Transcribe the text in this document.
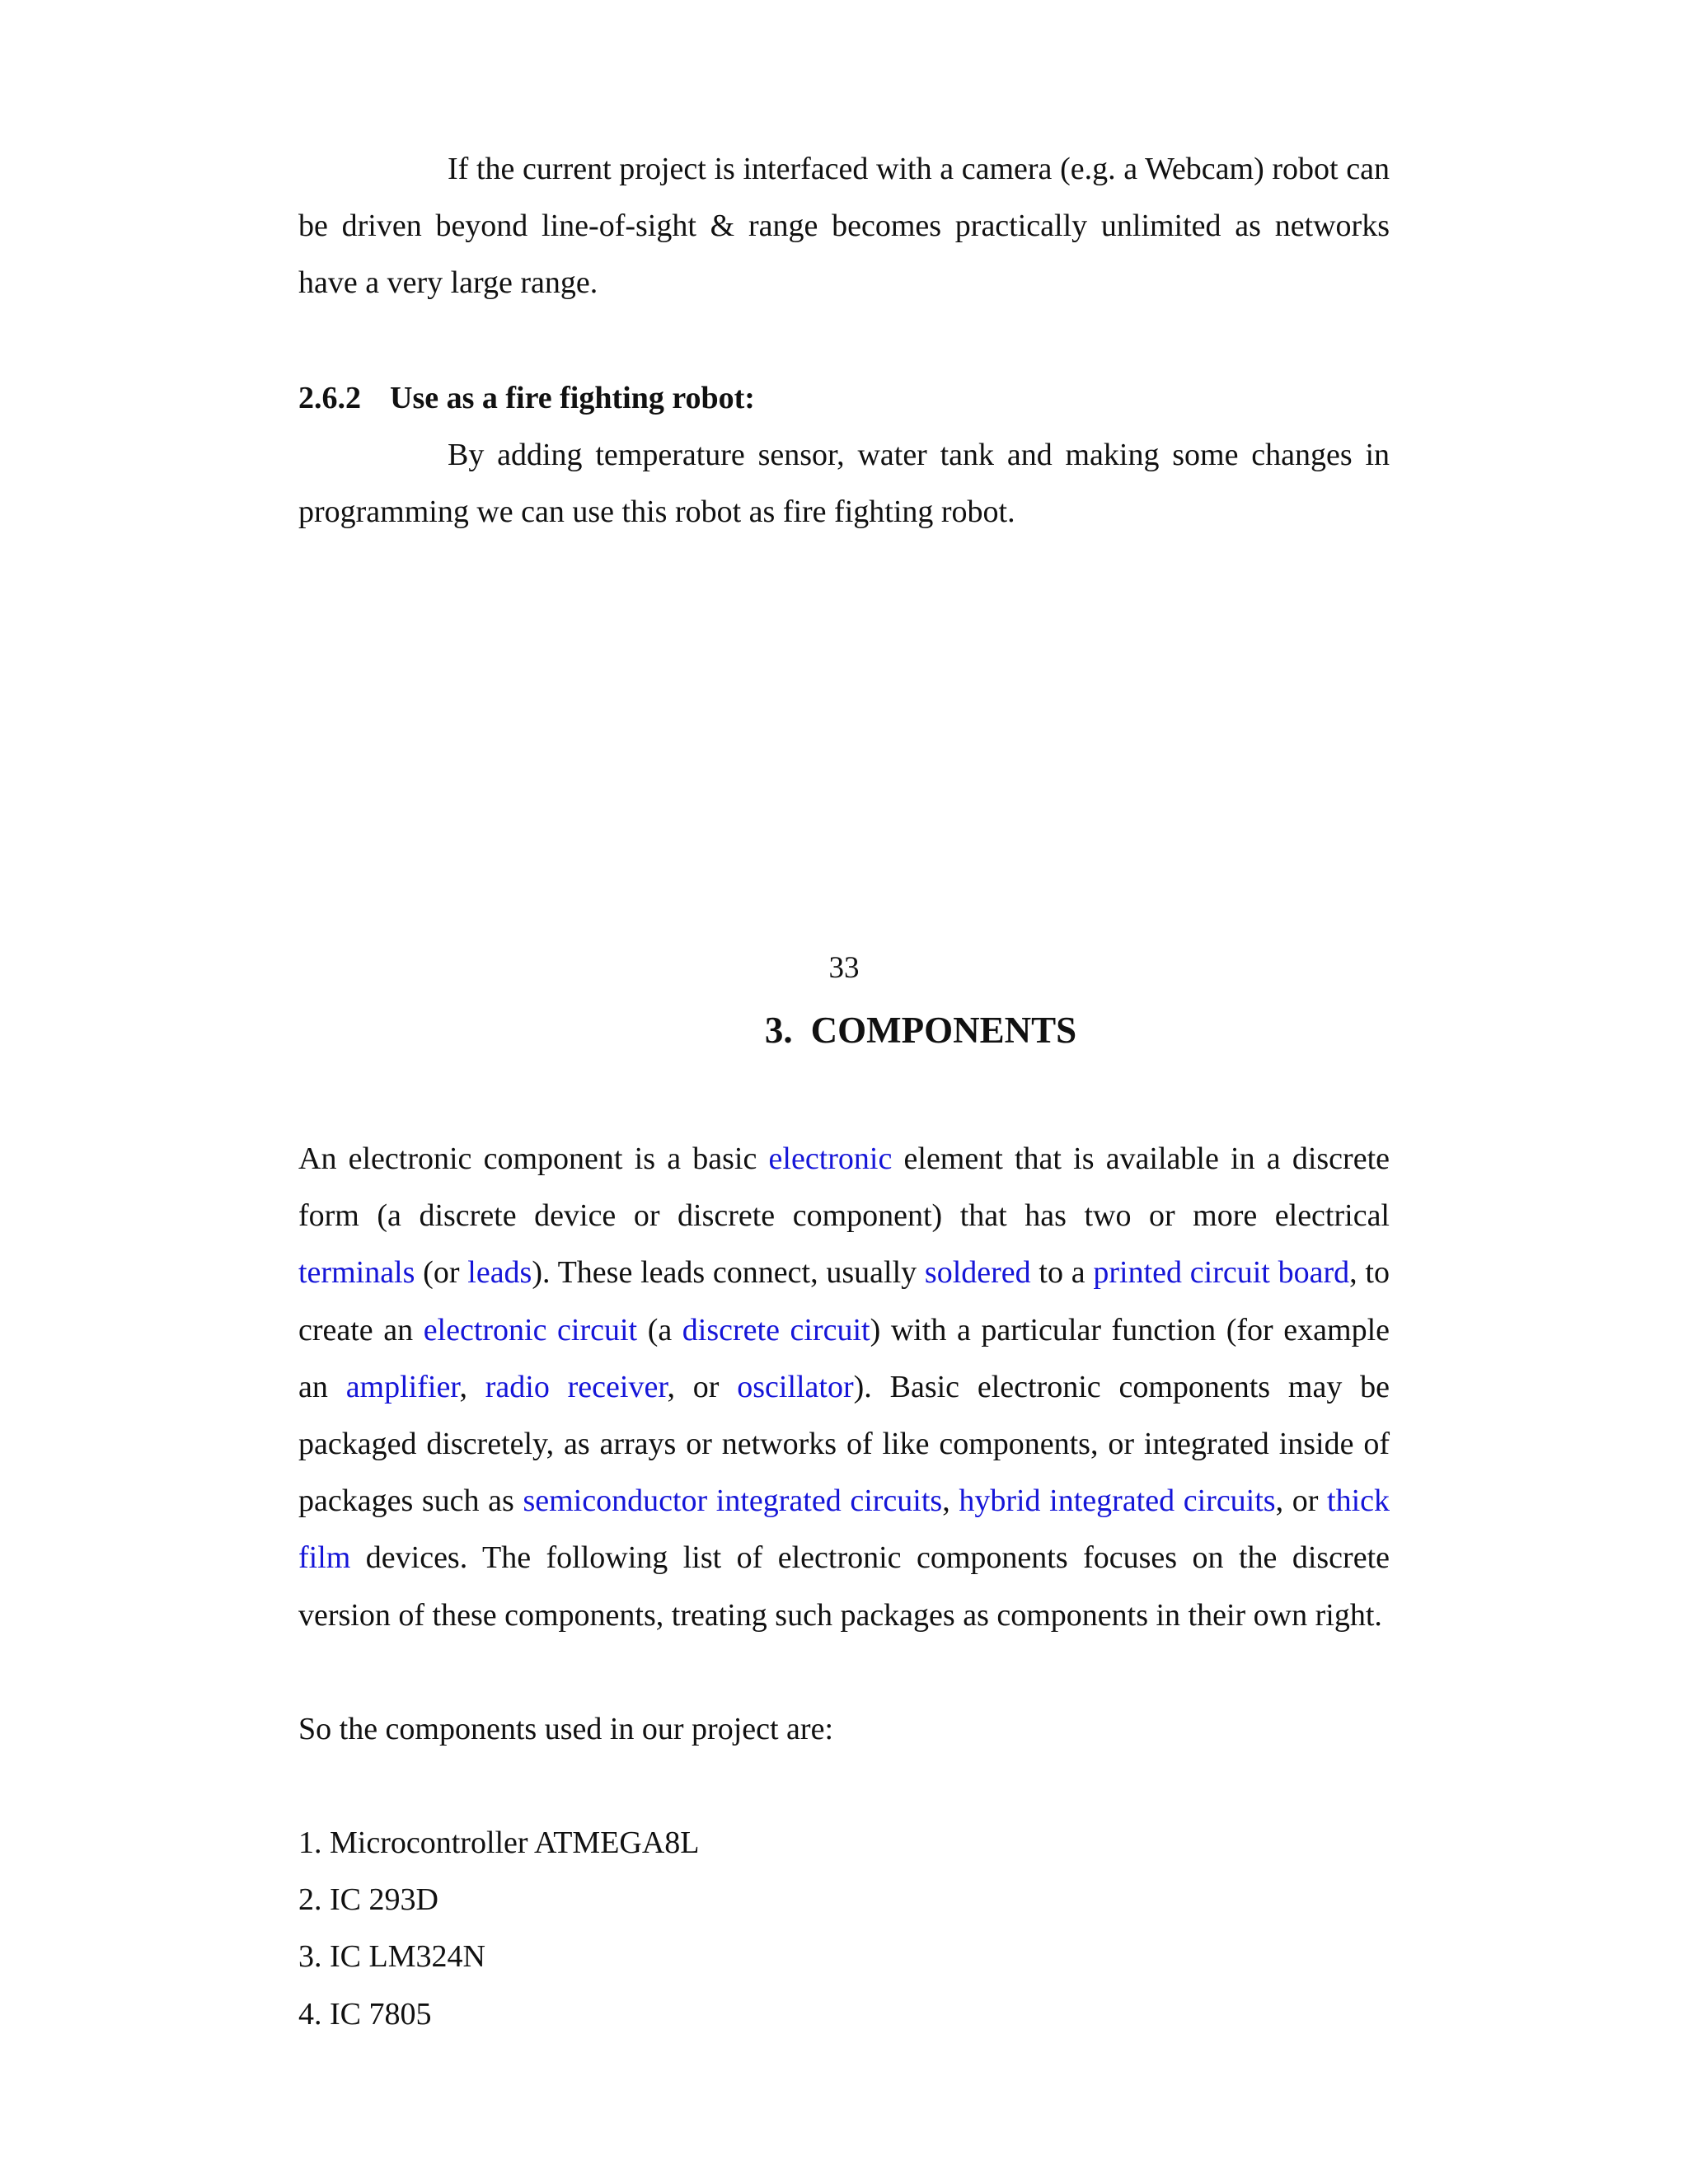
If the current project is interfaced with a camera (e.g. a Webcam) robot can be driven beyond line-of-sight & range becomes practically unlimited as networks have a very large range.

2.6.2 Use as a fire fighting robot:

By adding temperature sensor, water tank and making some changes in programming we can use this robot as fire fighting robot.

An electronic component is a basic electronic element that is available in a discrete form (a discrete device or discrete component) that has two or more electrical terminals (or leads). These leads connect, usually soldered to a printed circuit board, to create an electronic circuit (a discrete circuit) with a particular function (for example an amplifier, radio receiver, or oscillator). Basic electronic components may be packaged discretely, as arrays or networks of like components, or integrated inside of packages such as semiconductor integrated circuits, hybrid integrated circuits, or thick film devices. The following list of electronic components focuses on the discrete version of these components, treating such packages as components in their own right.

So the components used in our project are:

1. Microcontroller ATMEGA8L
2. IC 293D
3. IC LM324N
4. IC 7805

33

3. COMPONENTS
